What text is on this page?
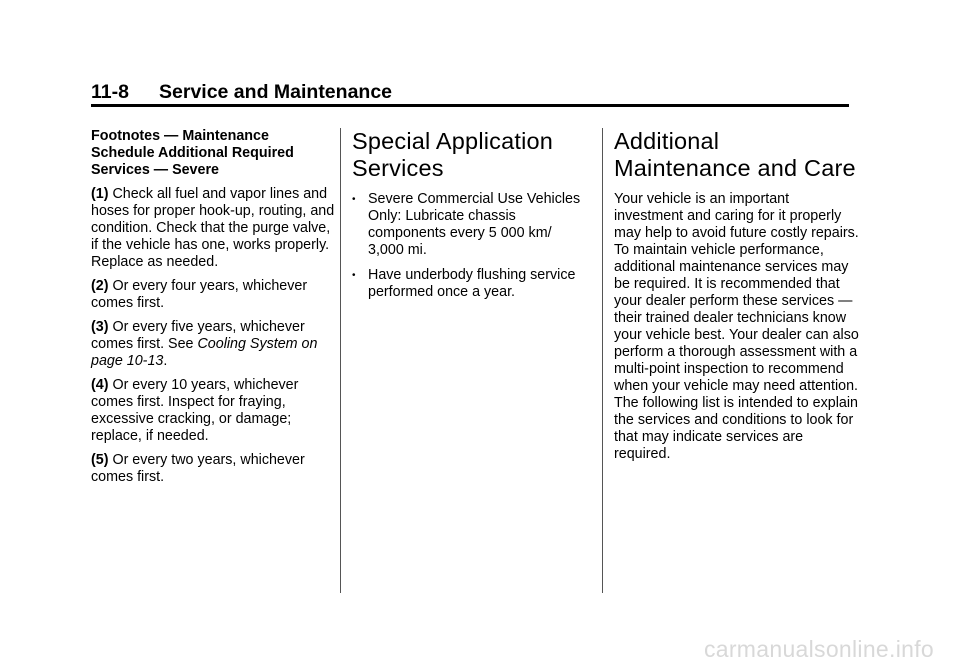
11-8 Service and Maintenance

Footnotes — Maintenance Schedule Additional Required Services — Severe

(1) Check all fuel and vapor lines and hoses for proper hook-up, routing, and condition. Check that the purge valve, if the vehicle has one, works properly. Replace as needed.

(2) Or every four years, whichever comes first.

(3) Or every five years, whichever comes first. See Cooling System on page 10-13.

(4) Or every 10 years, whichever comes first. Inspect for fraying, excessive cracking, or damage; replace, if needed.

(5) Or every two years, whichever comes first.

Special Application Services
• Severe Commercial Use Vehicles Only: Lubricate chassis components every 5 000 km/ 3,000 mi.
• Have underbody flushing service performed once a year.
Additional Maintenance and Care

Your vehicle is an important investment and caring for it properly may help to avoid future costly repairs. To maintain vehicle performance, additional maintenance services may be required. It is recommended that your dealer perform these services — their trained dealer technicians know your vehicle best. Your dealer can also perform a thorough assessment with a multi-point inspection to recommend when your vehicle may need attention. The following list is intended to explain the services and conditions to look for that may indicate services are required.

carmanualsonline.info
